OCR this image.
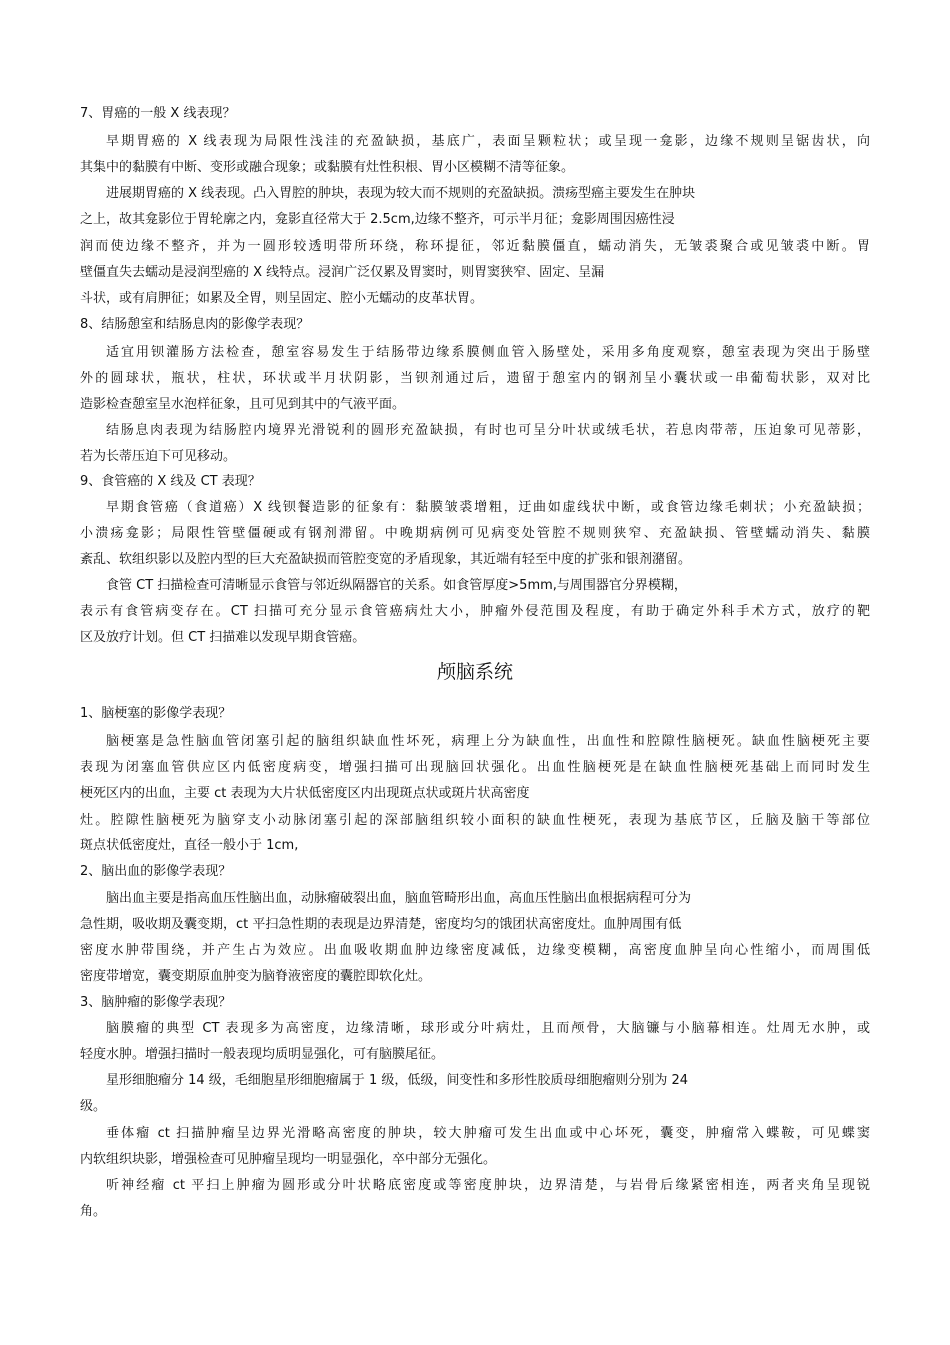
7、胃癌的一般 X 线表现？
早期胃癌的 X 线表现为局限性浅洼的充盈缺损，基底广，表面呈颗粒状；或呈现一龛影，边缘不规则呈锯齿状，向
其集中的黏膜有中断、变形或融合现象；或黏膜有灶性积根、胃小区模糊不清等征象。
进展期胃癌的 X 线表现。凸入胃腔的肿块，表现为较大而不规则的充盈缺损。溃疡型癌主要发生在肿块
之上，故其龛影位于胃轮廓之内，龛影直径常大于 2.5cm,边缘不整齐，可示半月征；龛影周围因癌性浸
润而使边缘不整齐，并为一圆形较透明带所环绕，称环提征，邻近黏膜僵直，蠕动消失，无皱裘聚合或见皱裘中断。胃
壁僵直失去蠕动是浸润型癌的 X 线特点。浸润广泛仅累及胃窦时，则胃窦狭窄、固定、呈漏
斗状，或有肩胛征；如累及全胃，则呈固定、腔小无蠕动的皮革状胃。
8、结肠憩室和结肠息肉的影像学表现？
适宜用钡灌肠方法检查，憩室容易发生于结肠带边缘系膜侧血管入肠壁处，采用多角度观察，憩室表现为突出于肠壁
外的圆球状，瓶状，柱状，环状或半月状阴影，当钡剂通过后，遗留于憩室内的钢剂呈小囊状或一串葡萄状影，双对比
造影检查憩室呈水泡样征象，且可见到其中的气液平面。
结肠息肉表现为结肠腔内境界光滑锐利的圆形充盈缺损，有时也可呈分叶状或绒毛状，若息肉带蒂，压迫象可见蒂影，
若为长蒂压迫下可见移动。
9、食管癌的 X 线及 CT 表现？
早期食管癌（食道癌）X 线钡餐造影的征象有：黏膜皱裘增粗，迂曲如虚线状中断，或食管边缘毛刺状；小充盈缺损；
小溃疡龛影；局限性管壁僵硬或有钢剂滞留。中晚期病例可见病变处管腔不规则狭窄、充盈缺损、管壁蠕动消失、黏膜
紊乱、软组织影以及腔内型的巨大充盈缺损而管腔变宽的矛盾现象，其近端有轻至中度的扩张和银剂潴留。
食管 CT 扫描检查可清晰显示食管与邻近纵隔器官的关系。如食管厚度>5mm,与周围器官分界模糊，
表示有食管病变存在。CT 扫描可充分显示食管癌病灶大小，肿瘤外侵范围及程度，有助于确定外科手术方式，放疗的靶
区及放疗计划。但 CT 扫描难以发现早期食管癌。
颅脑系统
1、脑梗塞的影像学表现？
脑梗塞是急性脑血管闭塞引起的脑组织缺血性坏死，病理上分为缺血性，出血性和腔隙性脑梗死。缺血性脑梗死主要
表现为闭塞血管供应区内低密度病变，增强扫描可出现脑回状强化。出血性脑梗死是在缺血性脑梗死基础上而同时发生
梗死区内的出血，主要 ct 表现为大片状低密度区内出现斑点状或斑片状高密度
灶。腔隙性脑梗死为脑穿支小动脉闭塞引起的深部脑组织较小面积的缺血性梗死，表现为基底节区，丘脑及脑干等部位
斑点状低密度灶，直径一般小于 1cm,
2、脑出血的影像学表现？
脑出血主要是指高血压性脑出血，动脉瘤破裂出血，脑血管畸形出血，高血压性脑出血根据病程可分为
急性期，吸收期及囊变期，ct 平扫急性期的表现是边界清楚，密度均匀的饿团状高密度灶。血肿周围有低
密度水肿带围绕，并产生占为效应。出血吸收期血肿边缘密度减低，边缘变模糊，高密度血肿呈向心性缩小，而周围低
密度带增宽，囊变期原血肿变为脑脊液密度的囊腔即软化灶。
3、脑肿瘤的影像学表现？
脑膜瘤的典型 CT 表现多为高密度，边缘清晰，球形或分叶病灶，且而颅骨，大脑镰与小脑幕相连。灶周无水肿，或
轻度水肿。增强扫描时一般表现均质明显强化，可有脑膜尾征。
星形细胞瘤分 14 级，毛细胞星形细胞瘤属于 1 级，低级，间变性和多形性胶质母细胞瘤则分别为 24
级。
垂体瘤 ct 扫描肿瘤呈边界光滑略高密度的肿块，较大肿瘤可发生出血或中心坏死，囊变，肿瘤常入蝶鞍，可见蝶窦
内软组织块影，增强检查可见肿瘤呈现均一明显强化，卒中部分无强化。
听神经瘤 ct 平扫上肿瘤为圆形或分叶状略底密度或等密度肿块，边界清楚，与岩骨后缘紧密相连，两者夹角呈现锐
角。
